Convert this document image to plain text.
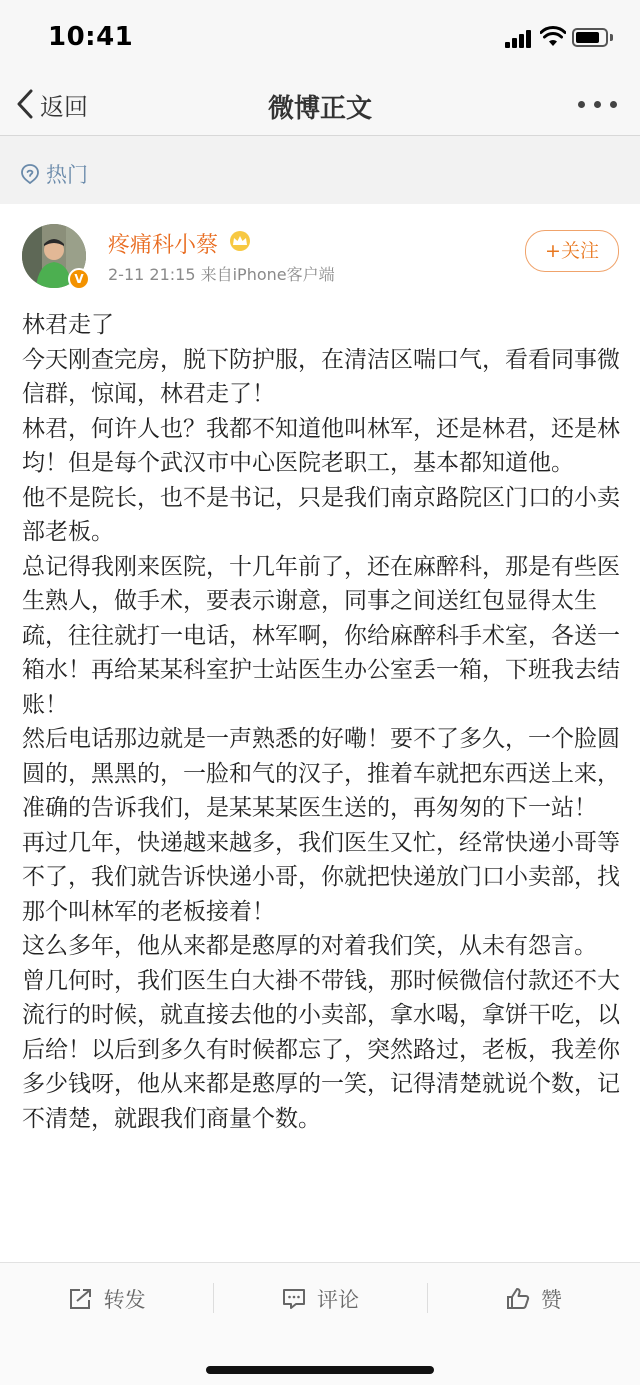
10:41
返回	微博正文
热门
V
疼痛科小蔡
2-11 21:15 来自iPhone客户端
+关注

林君走了

今天刚查完房，脱下防护服，在清洁区喘口气，看看同事微信群，惊闻，林君走了！

林君，何许人也？我都不知道他叫林军，还是林君，还是林均！但是每个武汉市中心医院老职工，基本都知道他。

他不是院长，也不是书记，只是我们南京路院区门口的小卖部老板。

总记得我刚来医院，十几年前了，还在麻醉科，那是有些医生熟人，做手术，要表示谢意，同事之间送红包显得太生疏，往往就打一电话，林军啊，你给麻醉科手术室，各送一箱水！再给某某科室护士站医生办公室丢一箱，下班我去结账！

然后电话那边就是一声熟悉的好嘞！要不了多久，一个脸圆圆的，黑黑的，一脸和气的汉子，推着车就把东西送上来，准确的告诉我们，是某某某医生送的，再匆匆的下一站！

再过几年，快递越来越多，我们医生又忙，经常快递小哥等不了，我们就告诉快递小哥，你就把快递放门口小卖部，找那个叫林军的老板接着！

这么多年，他从来都是憨厚的对着我们笑，从未有怨言。

曾几何时，我们医生白大褂不带钱，那时候微信付款还不大流行的时候，就直接去他的小卖部，拿水喝，拿饼干吃，以后给！以后到多久有时候都忘了，突然路过，老板，我差你多少钱呀，他从来都是憨厚的一笑，记得清楚就说个数，记不清楚，就跟我们商量个数。

转发	评论	赞
